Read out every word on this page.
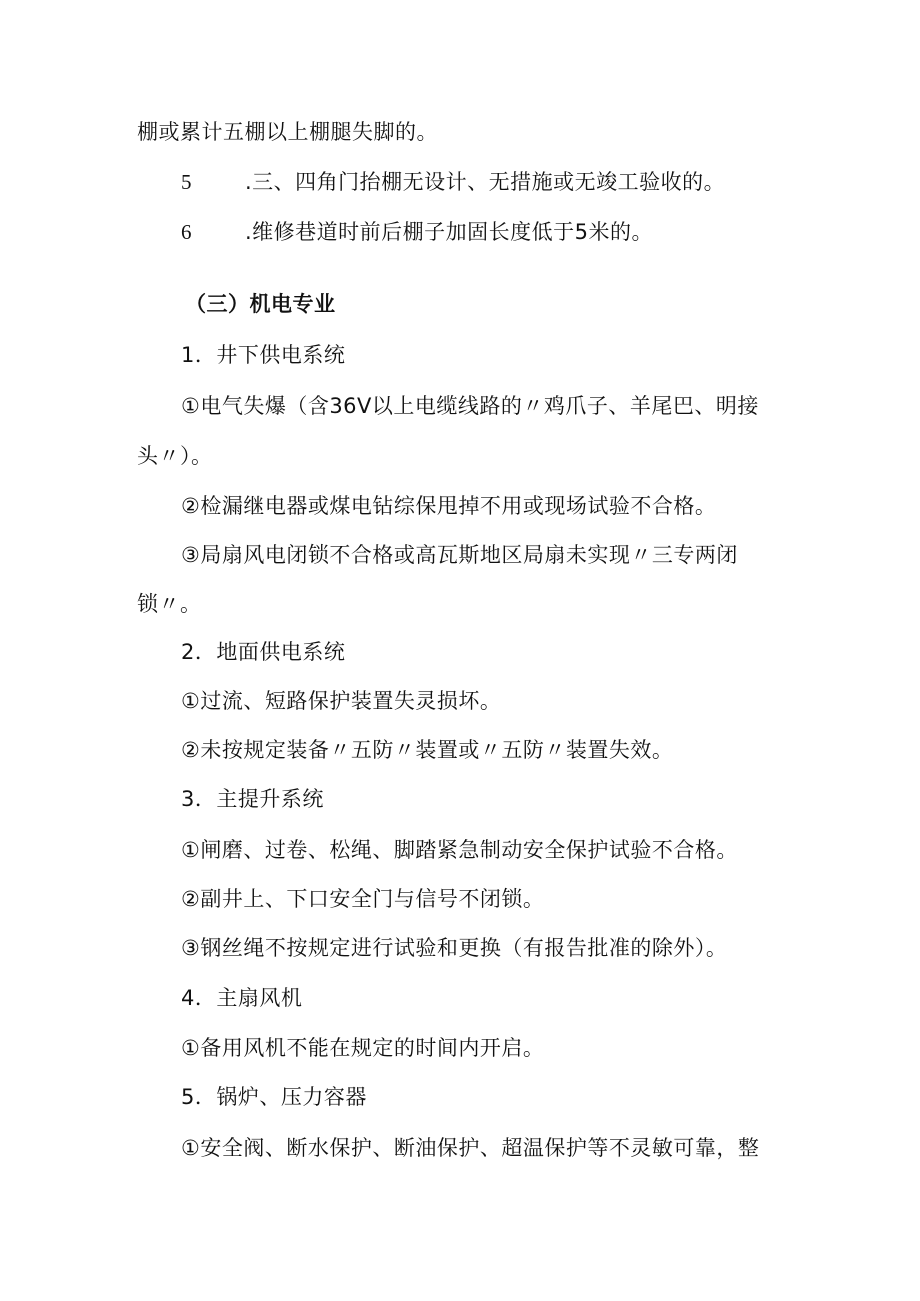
棚或累计五棚以上棚腿失脚的。
5	.三、四角门抬棚无设计、无措施或无竣工验收的。
6	.维修巷道时前后棚子加固长度低于5米的。
（三）机电专业
1．井下供电系统
①电气失爆（含36V以上电缆线路的〃鸡爪子、羊尾巴、明接
头〃）。
②检漏继电器或煤电钻综保甩掉不用或现场试验不合格。
③局扇风电闭锁不合格或高瓦斯地区局扇未实现〃三专两闭
锁〃。
2．地面供电系统
①过流、短路保护装置失灵损坏。
②未按规定装备〃五防〃装置或〃五防〃装置失效。
3．主提升系统
①闸磨、过卷、松绳、脚踏紧急制动安全保护试验不合格。
②副井上、下口安全门与信号不闭锁。
③钢丝绳不按规定进行试验和更换（有报告批准的除外）。
4．主扇风机
①备用风机不能在规定的时间内开启。
5．锅炉、压力容器
①安全阀、断水保护、断油保护、超温保护等不灵敏可靠，整
